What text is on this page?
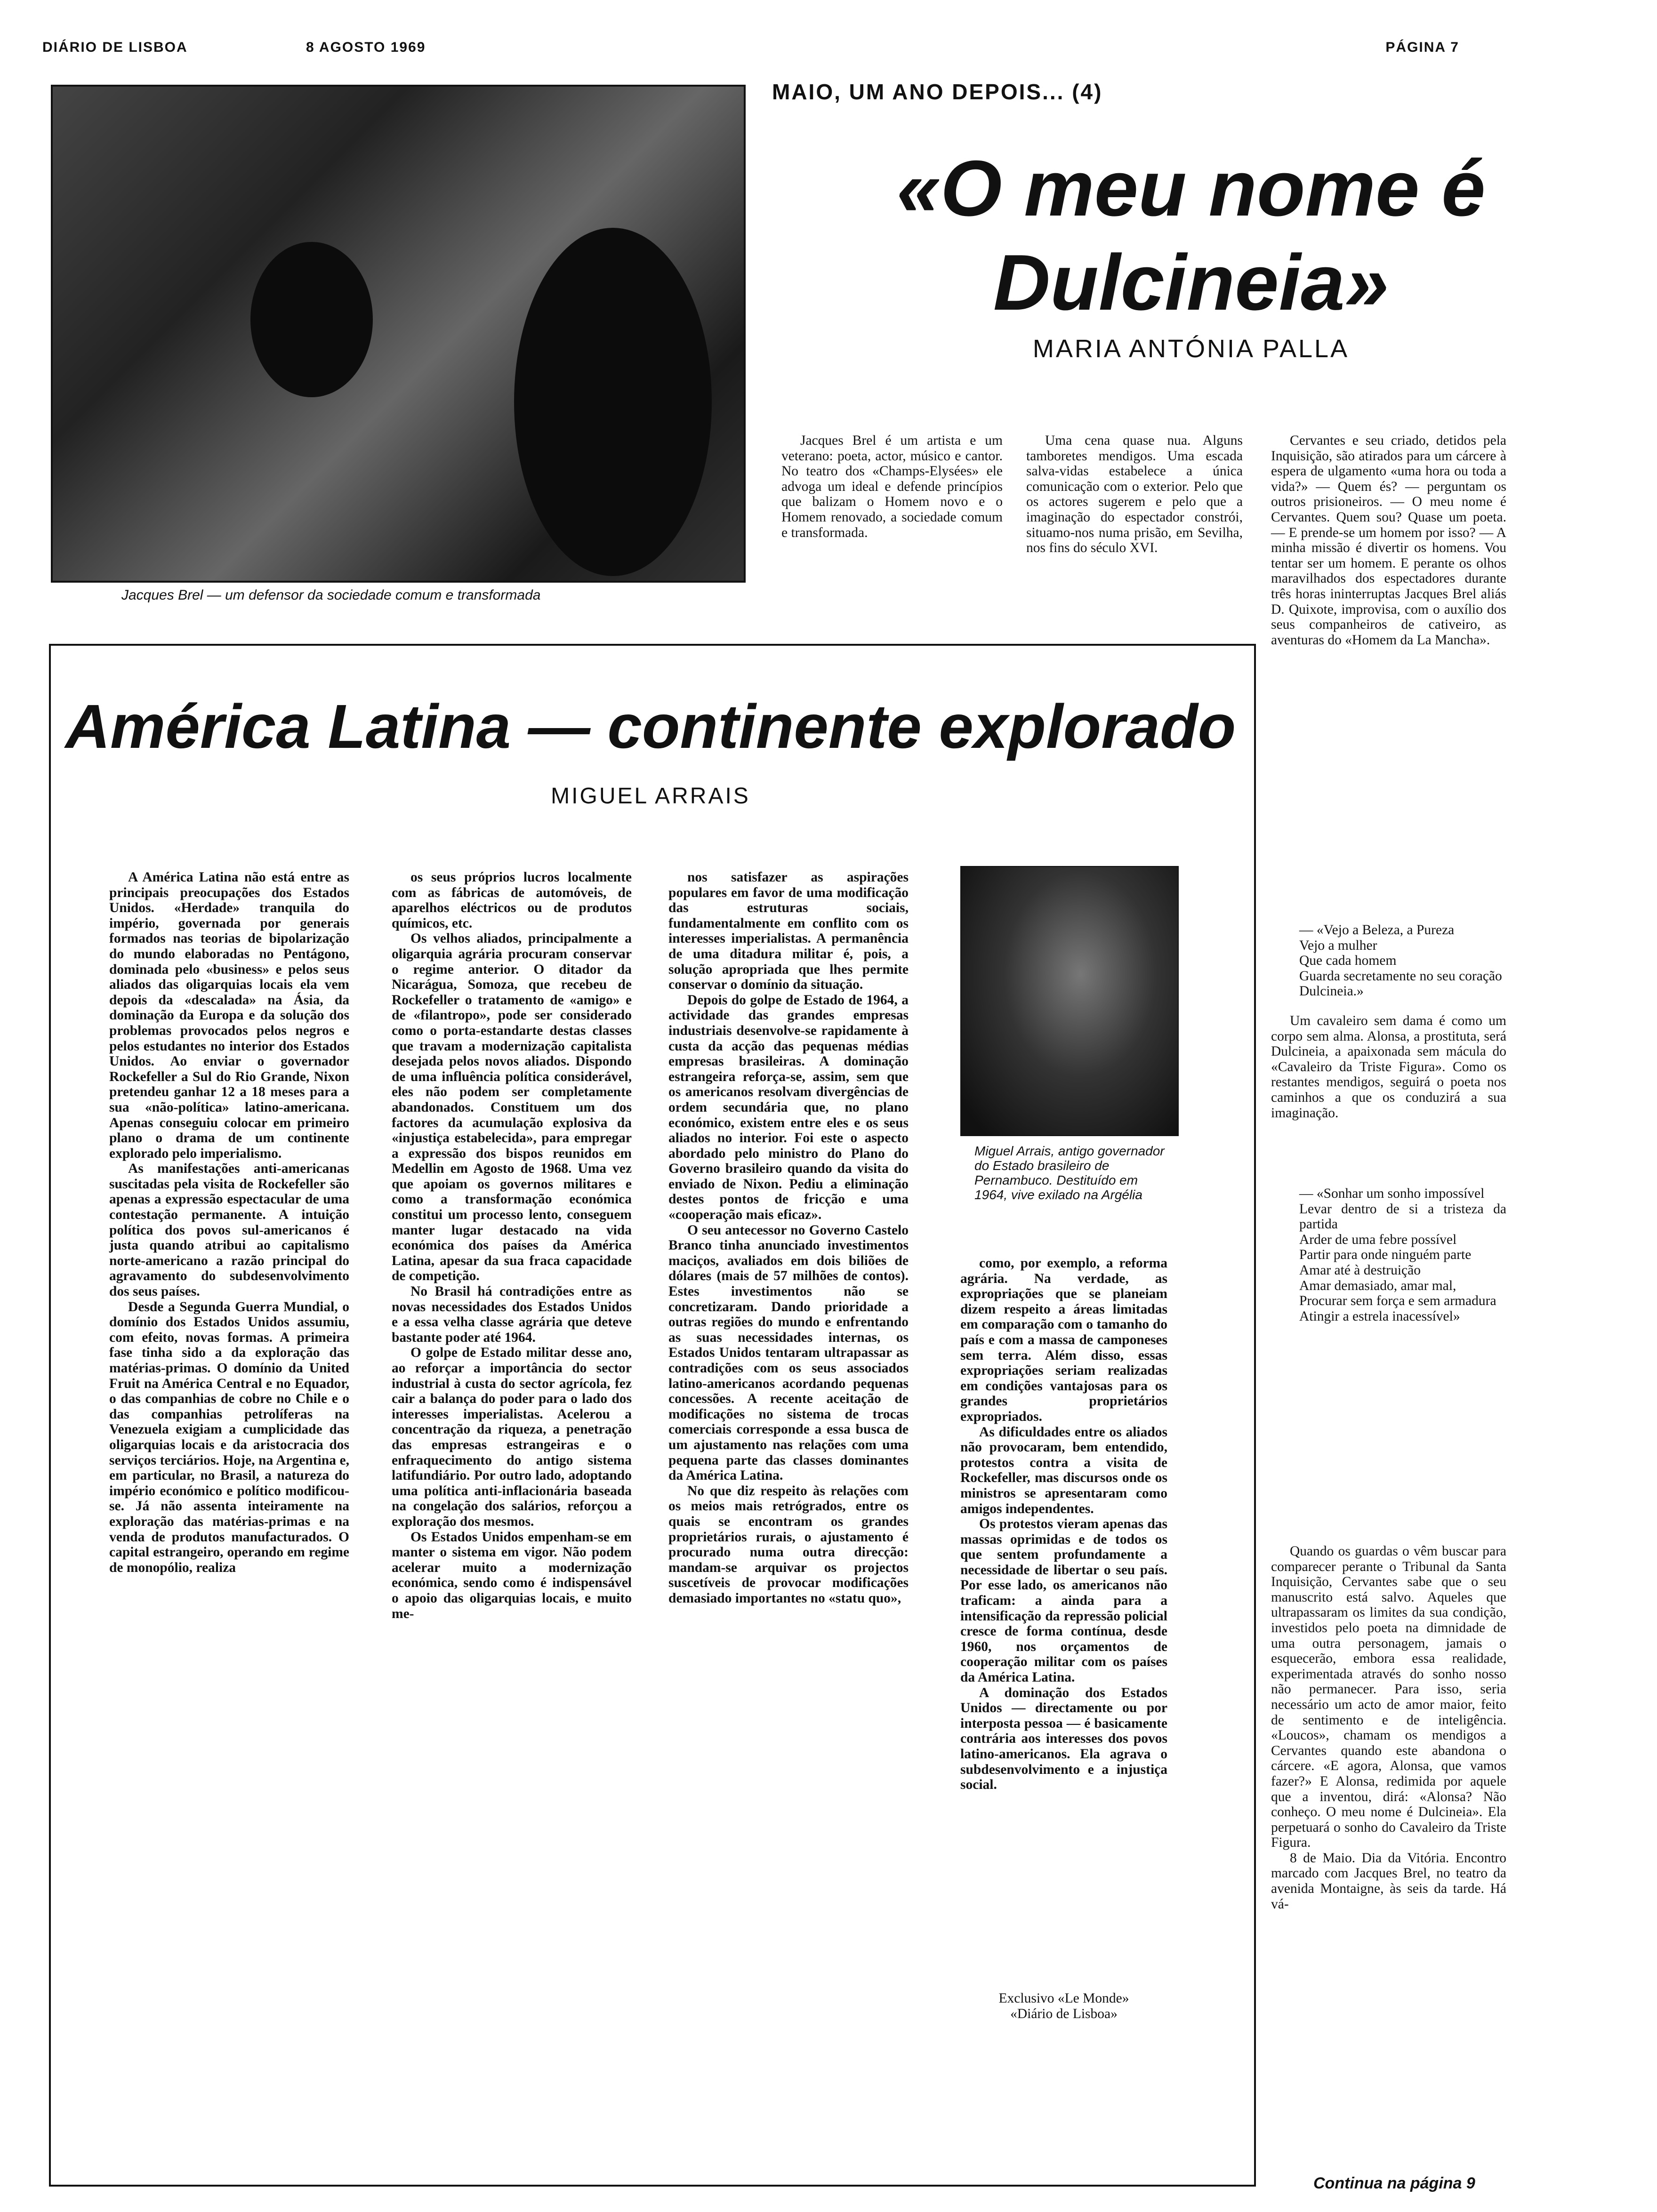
DIÁRIO DE LISBOA	8 AGOSTO 1969	PÁGINA 7
Jacques Brel — um defensor da sociedade comum e transformada
MAIO, UM ANO DEPOIS... (4)
«O meu nome é Dulcineia»
MARIA ANTÓNIA PALLA

Jacques Brel é um artista e um veterano: poeta, actor, músico e cantor. No teatro dos «Champs-Elysées» ele advoga um ideal e defende princípios que balizam o Homem novo e o Homem renovado, a sociedade comum e transformada.

Uma cena quase nua. Alguns tamboretes mendigos. Uma escada salva-vidas estabelece a única comunicação com o exterior. Pelo que os actores sugerem e pelo que a imaginação do espectador constrói, situamo-nos numa prisão, em Sevilha, nos fins do século XVI.

Cervantes e seu criado, detidos pela Inquisição, são atirados para um cárcere à espera de ulgamento «uma hora ou toda a vida?» — Quem és? — perguntam os outros prisioneiros. — O meu nome é Cervantes. Quem sou? Quase um poeta. — E prende-se um homem por isso? — A minha missão é divertir os homens. Vou tentar ser um homem. E perante os olhos maravilhados dos espectadores durante três horas ininterruptas Jacques Brel aliás D. Quixote, improvisa, com o auxílio dos seus companheiros de cativeiro, as aventuras do «Homem da La Mancha».

— «Vejo a Beleza, a Pureza
Vejo a mulher
Que cada homem
Guarda secretamente no seu coração
Dulcineia.»

Um cavaleiro sem dama é como um corpo sem alma. Alonsa, a prostituta, será Dulcineia, a apaixonada sem mácula do «Cavaleiro da Triste Figura». Como os restantes mendigos, seguirá o poeta nos caminhos a que os conduzirá a sua imaginação.

— «Sonhar um sonho impossível
Levar dentro de si a tristeza da partida
Arder de uma febre possível
Partir para onde ninguém parte
Amar até à destruição
Amar demasiado, amar mal,
Procurar sem força e sem armadura
Atingir a estrela inacessível»

Quando os guardas o vêm buscar para comparecer perante o Tribunal da Santa Inquisição, Cervantes sabe que o seu manuscrito está salvo. Aqueles que ultrapassaram os limites da sua condição, investidos pelo poeta na dimnidade de uma outra personagem, jamais o esquecerão, embora essa realidade, experimentada através do sonho nosso não permanecer. Para isso, seria necessário um acto de amor maior, feito de sentimento e de inteligência. «Loucos», chamam os mendigos a Cervantes quando este abandona o cárcere. «E agora, Alonsa, que vamos fazer?» E Alonsa, redimida por aquele que a inventou, dirá: «Alonsa? Não conheço. O meu nome é Dulcineia». Ela perpetuará o sonho do Cavaleiro da Triste Figura.

8 de Maio. Dia da Vitória. Encontro marcado com Jacques Brel, no teatro da avenida Montaigne, às seis da tarde. Há vá-

Continua na página 9
América Latina — continente explorado
MIGUEL ARRAIS

A América Latina não está entre as principais preocupações dos Estados Unidos. «Herdade» tranquila do império, governada por generais formados nas teorias de bipolarização do mundo elaboradas no Pentágono, dominada pelo «business» e pelos seus aliados das oligarquias locais ela vem depois da «descalada» na Ásia, da dominação da Europa e da solução dos problemas provocados pelos negros e pelos estudantes no interior dos Estados Unidos. Ao enviar o governador Rockefeller a Sul do Rio Grande, Nixon pretendeu ganhar 12 a 18 meses para a sua «não-política» latino-americana. Apenas conseguiu colocar em primeiro plano o drama de um continente explorado pelo imperialismo.

As manifestações anti-americanas suscitadas pela visita de Rockefeller são apenas a expressão espectacular de uma contestação permanente. A intuição política dos povos sul-americanos é justa quando atribui ao capitalismo norte-americano a razão principal do agravamento do subdesenvolvimento dos seus países.

Desde a Segunda Guerra Mundial, o domínio dos Estados Unidos assumiu, com efeito, novas formas. A primeira fase tinha sido a da exploração das matérias-primas. O domínio da United Fruit na América Central e no Equador, o das companhias de cobre no Chile e o das companhias petrolíferas na Venezuela exigiam a cumplicidade das oligarquias locais e da aristocracia dos serviços terciários. Hoje, na Argentina e, em particular, no Brasil, a natureza do império económico e político modificou-se. Já não assenta inteiramente na exploração das matérias-primas e na venda de produtos manufacturados. O capital estrangeiro, operando em regime de monopólio, realiza

os seus próprios lucros localmente com as fábricas de automóveis, de aparelhos eléctricos ou de produtos químicos, etc.

Os velhos aliados, principalmente a oligarquia agrária procuram conservar o regime anterior. O ditador da Nicarágua, Somoza, que recebeu de Rockefeller o tratamento de «amigo» e de «filantropo», pode ser considerado como o porta-estandarte destas classes que travam a modernização capitalista desejada pelos novos aliados. Dispondo de uma influência política considerável, eles não podem ser completamente abandonados. Constituem um dos factores da acumulação explosiva da «injustiça estabelecida», para empregar a expressão dos bispos reunidos em Medellin em Agosto de 1968. Uma vez que apoiam os governos militares e como a transformação económica constitui um processo lento, conseguem manter lugar destacado na vida económica dos países da América Latina, apesar da sua fraca capacidade de competição.

No Brasil há contradições entre as novas necessidades dos Estados Unidos e a essa velha classe agrária que deteve bastante poder até 1964.

O golpe de Estado militar desse ano, ao reforçar a importância do sector industrial à custa do sector agrícola, fez cair a balança do poder para o lado dos interesses imperialistas. Acelerou a concentração da riqueza, a penetração das empresas estrangeiras e o enfraquecimento do antigo sistema latifundiário. Por outro lado, adoptando uma política anti-inflacionária baseada na congelação dos salários, reforçou a exploração dos mesmos.

Os Estados Unidos empenham-se em manter o sistema em vigor. Não podem acelerar muito a modernização económica, sendo como é indispensável o apoio das oligarquias locais, e muito me-

nos satisfazer as aspirações populares em favor de uma modificação das estruturas sociais, fundamentalmente em conflito com os interesses imperialistas. A permanência de uma ditadura militar é, pois, a solução apropriada que lhes permite conservar o domínio da situação.

Depois do golpe de Estado de 1964, a actividade das grandes empresas industriais desenvolve-se rapidamente à custa da acção das pequenas médias empresas brasileiras. A dominação estrangeira reforça-se, assim, sem que os americanos resolvam divergências de ordem secundária que, no plano económico, existem entre eles e os seus aliados no interior. Foi este o aspecto abordado pelo ministro do Plano do Governo brasileiro quando da visita do enviado de Nixon. Pediu a eliminação destes pontos de fricção e uma «cooperação mais eficaz».

O seu antecessor no Governo Castelo Branco tinha anunciado investimentos maciços, avaliados em dois biliões de dólares (mais de 57 milhões de contos). Estes investimentos não se concretizaram. Dando prioridade a outras regiões do mundo e enfrentando as suas necessidades internas, os Estados Unidos tentaram ultrapassar as contradições com os seus associados latino-americanos acordando pequenas concessões. A recente aceitação de modificações no sistema de trocas comerciais corresponde a essa busca de um ajustamento nas relações com uma pequena parte das classes dominantes da América Latina.

No que diz respeito às relações com os meios mais retrógrados, entre os quais se encontram os grandes proprietários rurais, o ajustamento é procurado numa outra direcção: mandam-se arquivar os projectos suscetíveis de provocar modificações demasiado importantes no «statu quo»,

Miguel Arrais, antigo governador do Estado brasileiro de Pernambuco. Destituído em 1964, vive exilado na Argélia

como, por exemplo, a reforma agrária. Na verdade, as expropriações que se planeiam dizem respeito a áreas limitadas em comparação com o tamanho do país e com a massa de camponeses sem terra. Além disso, essas expropriações seriam realizadas em condições vantajosas para os grandes proprietários expropriados.

As dificuldades entre os aliados não provocaram, bem entendido, protestos contra a visita de Rockefeller, mas discursos onde os ministros se apresentaram como amigos independentes.

Os protestos vieram apenas das massas oprimidas e de todos os que sentem profundamente a necessidade de libertar o seu país. Por esse lado, os americanos não traficam: a ainda para a intensificação da repressão policial cresce de forma contínua, desde 1960, nos orçamentos de cooperação militar com os países da América Latina.

A dominação dos Estados Unidos — directamente ou por interposta pessoa — é basicamente contrária aos interesses dos povos latino-americanos. Ela agrava o subdesenvolvimento e a injustiça social.

Exclusivo «Le Monde»
«Diário de Lisboa»
